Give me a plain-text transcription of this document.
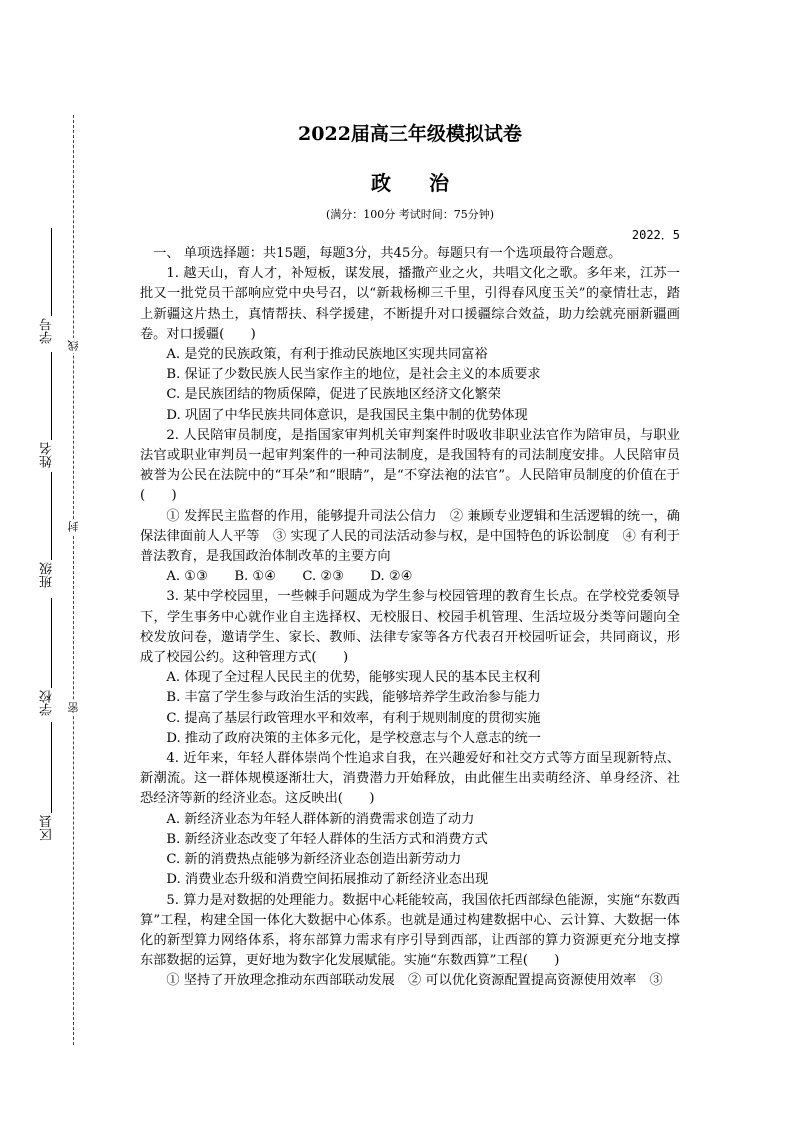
学号
姓名
班级
学校
区县
线
封
密
2022届高三年级模拟试卷
政治
(满分：100分 考试时间：75分钟)
2022．5

一、 单项选择题：共15题，每题3分，共45分。每题只有一个选项最符合题意。

1. 越天山，育人才，补短板，谋发展，播撒产业之火，共唱文化之歌。多年来，江苏一批又一批党员干部响应党中央号召，以“新栽杨柳三千里，引得春风度玉关”的豪情壮志，踏上新疆这片热土，真情帮扶、科学援建，不断提升对口援疆综合效益，助力绘就亮丽新疆画卷。对口援疆(　　)

A. 是党的民族政策，有利于推动民族地区实现共同富裕

B. 保证了少数民族人民当家作主的地位，是社会主义的本质要求

C. 是民族团结的物质保障，促进了民族地区经济文化繁荣

D. 巩固了中华民族共同体意识，是我国民主集中制的优势体现

2. 人民陪审员制度，是指国家审判机关审判案件时吸收非职业法官作为陪审员，与职业法官或职业审判员一起审判案件的一种司法制度，是我国特有的司法制度安排。人民陪审员被誉为公民在法院中的“耳朵”和“眼睛”，是“不穿法袍的法官”。人民陪审员制度的价值在于(　　)

① 发挥民主监督的作用，能够提升司法公信力　② 兼顾专业逻辑和生活逻辑的统一，确保法律面前人人平等　③ 实现了人民的司法活动参与权，是中国特色的诉讼制度　④ 有利于普法教育，是我国政治体制改革的主要方向

A. ①③　　B. ①④　　C. ②③　　D. ②④

3. 某中学校园里，一些棘手问题成为学生参与校园管理的教育生长点。在学校党委领导下，学生事务中心就作业自主选择权、无校服日、校园手机管理、生活垃圾分类等问题向全校发放问卷，邀请学生、家长、教师、法律专家等各方代表召开校园听证会，共同商议，形成了校园公约。这种管理方式(　　)

A. 体现了全过程人民民主的优势，能够实现人民的基本民主权利

B. 丰富了学生参与政治生活的实践，能够培养学生政治参与能力

C. 提高了基层行政管理水平和效率，有利于规则制度的贯彻实施

D. 推动了政府决策的主体多元化，是学校意志与个人意志的统一

4. 近年来，年轻人群体崇尚个性追求自我，在兴趣爱好和社交方式等方面呈现新特点、新潮流。这一群体规模逐渐壮大，消费潜力开始释放，由此催生出卖萌经济、单身经济、社恐经济等新的经济业态。这反映出(　　)

A. 新经济业态为年轻人群体新的消费需求创造了动力

B. 新经济业态改变了年轻人群体的生活方式和消费方式

C. 新的消费热点能够为新经济业态创造出新劳动力

D. 消费业态升级和消费空间拓展推动了新经济业态出现

5. 算力是对数据的处理能力。数据中心耗能较高，我国依托西部绿色能源，实施“东数西算”工程，构建全国一体化大数据中心体系。也就是通过构建数据中心、云计算、大数据一体化的新型算力网络体系，将东部算力需求有序引导到西部，让西部的算力资源更充分地支撑东部数据的运算，更好地为数字化发展赋能。实施“东数西算”工程(　　)

① 坚持了开放理念推动东西部联动发展　② 可以优化资源配置提高资源使用效率　③
